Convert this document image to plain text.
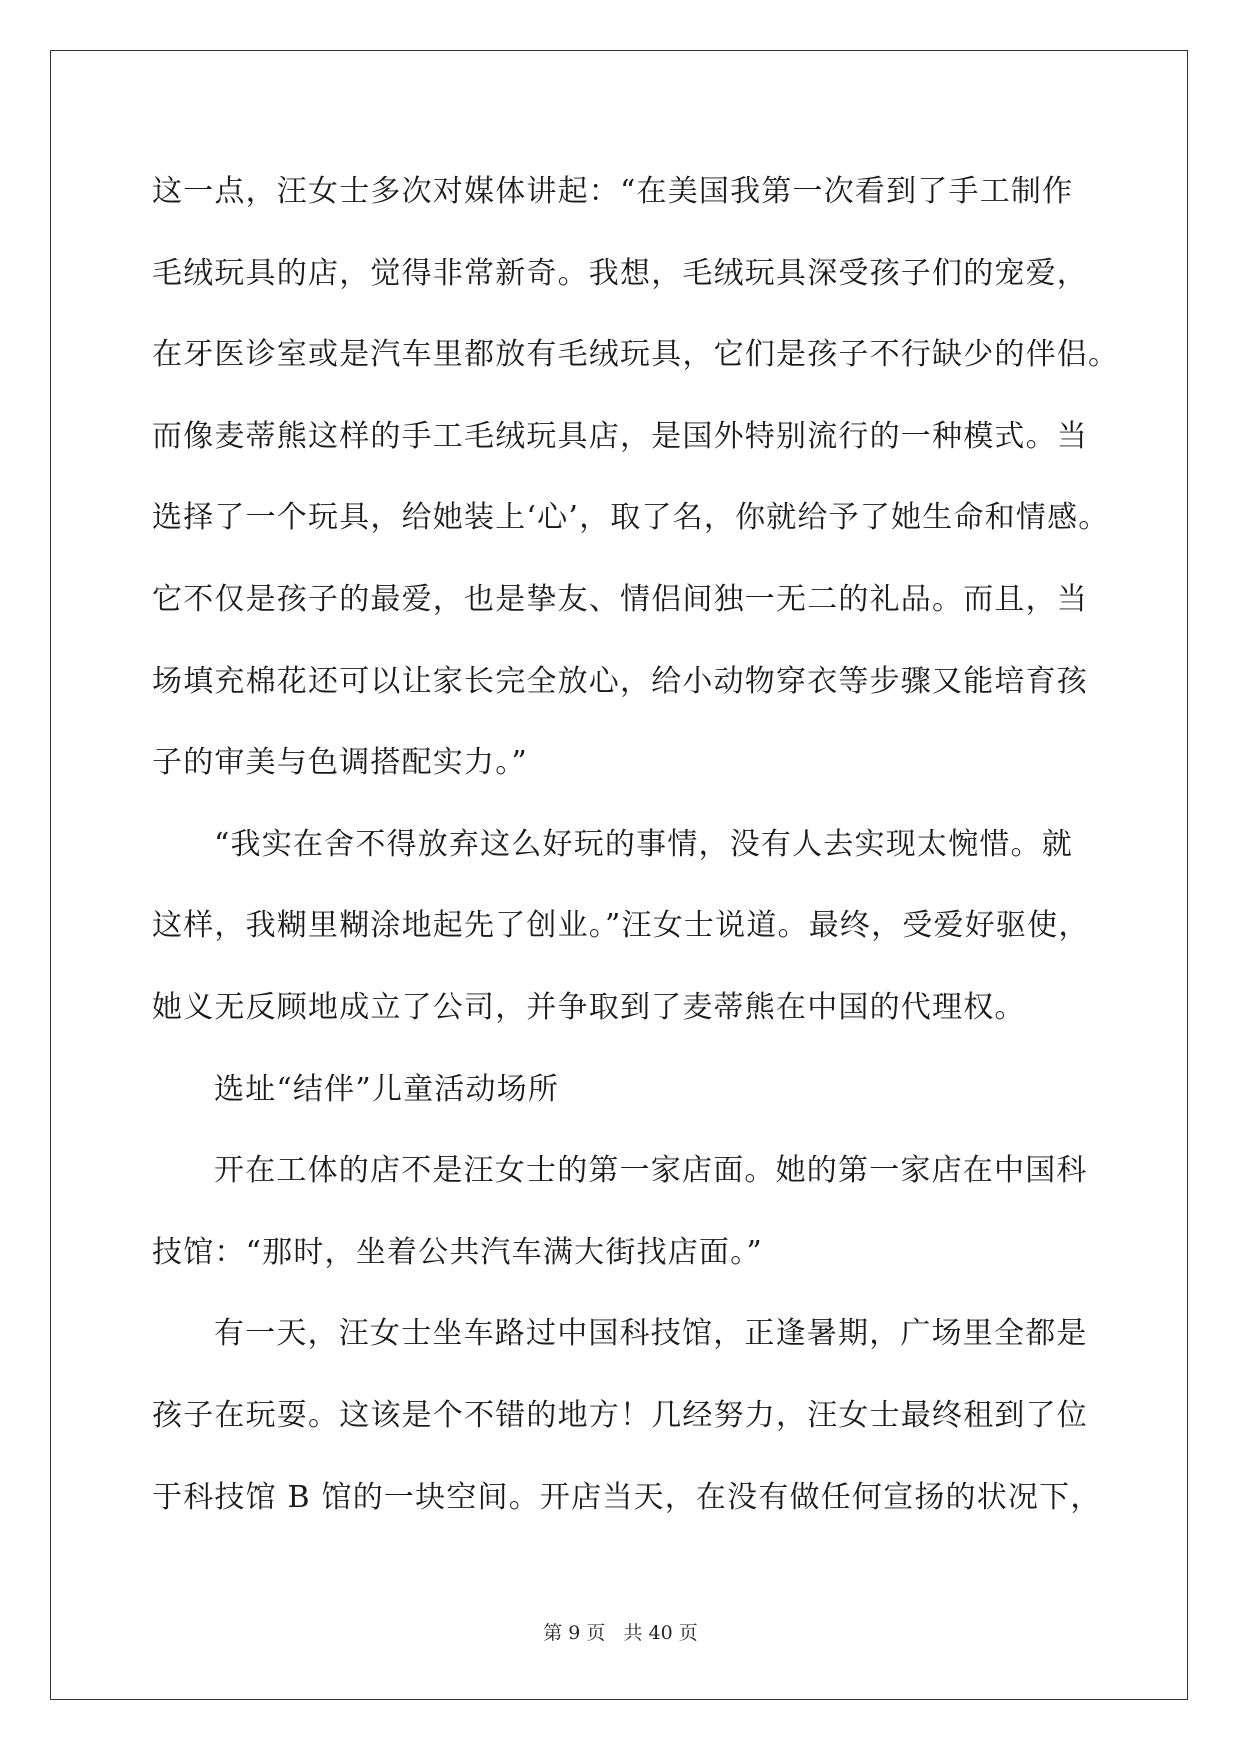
这一点，汪女士多次对媒体讲起：“在美国我第一次看到了手工制作
毛绒玩具的店，觉得非常新奇。我想，毛绒玩具深受孩子们的宠爱，
在牙医诊室或是汽车里都放有毛绒玩具，它们是孩子不行缺少的伴侣。
而像麦蒂熊这样的手工毛绒玩具店，是国外特别流行的一种模式。当
选择了一个玩具，给她装上‘心’，取了名，你就给予了她生命和情感。
它不仅是孩子的最爱，也是挚友、情侣间独一无二的礼品。而且，当
场填充棉花还可以让家长完全放心，给小动物穿衣等步骤又能培育孩
子的审美与色调搭配实力。”
“我实在舍不得放弃这么好玩的事情，没有人去实现太惋惜。就
这样，我糊里糊涂地起先了创业。”汪女士说道。最终，受爱好驱使，
她义无反顾地成立了公司，并争取到了麦蒂熊在中国的代理权。
选址“结伴”儿童活动场所
开在工体的店不是汪女士的第一家店面。她的第一家店在中国科
技馆：“那时，坐着公共汽车满大街找店面。”
有一天，汪女士坐车路过中国科技馆，正逢暑期，广场里全都是
孩子在玩耍。这该是个不错的地方！几经努力，汪女士最终租到了位
于科技馆 B 馆的一块空间。开店当天，在没有做任何宣扬的状况下，
第 9 页 共 40 页
